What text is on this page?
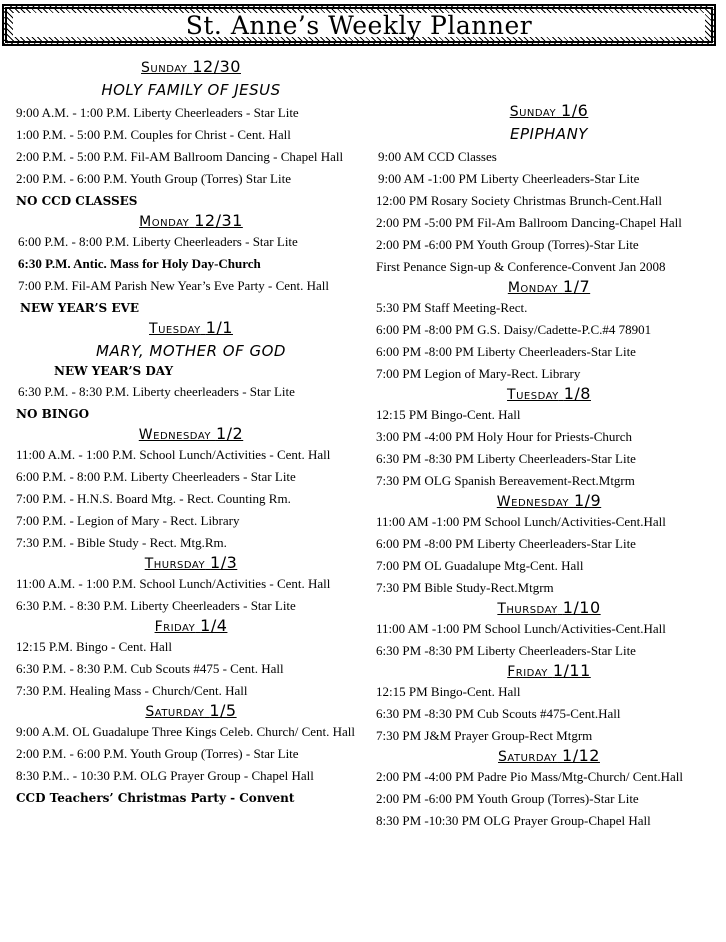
St. Anne’s Weekly Planner
Sunday 12/30
HOLY FAMILY OF JESUS
9:00 A.M. - 1:00 P.M. Liberty Cheerleaders - Star Lite
1:00 P.M. - 5:00 P.M. Couples for Christ - Cent. Hall
2:00 P.M. - 5:00 P.M. Fil-AM Ballroom Dancing - Chapel Hall
2:00 P.M. - 6:00 P.M. Youth Group (Torres) Star Lite
NO CCD CLASSES
Monday 12/31
6:00 P.M. - 8:00 P.M. Liberty Cheerleaders - Star Lite
6:30 P.M. Antic. Mass for Holy Day-Church
7:00 P.M. Fil-AM Parish New Year’s Eve Party - Cent. Hall
NEW YEAR’S EVE
Tuesday 1/1
MARY, MOTHER OF GOD
NEW YEAR’S DAY
6:30 P.M. - 8:30 P.M. Liberty cheerleaders - Star Lite
NO BINGO
Wednesday 1/2
11:00 A.M. - 1:00 P.M. School Lunch/Activities - Cent. Hall
6:00 P.M. - 8:00 P.M. Liberty Cheerleaders - Star Lite
7:00 P.M. - H.N.S. Board Mtg. - Rect. Counting Rm.
7:00 P.M. - Legion of Mary - Rect. Library
7:30 P.M. - Bible Study - Rect. Mtg.Rm.
Thursday 1/3
11:00 A.M. - 1:00 P.M. School Lunch/Activities - Cent. Hall
6:30 P.M. - 8:30 P.M. Liberty Cheerleaders - Star Lite
Friday 1/4
12:15 P.M. Bingo - Cent. Hall
6:30 P.M. - 8:30 P.M. Cub Scouts #475 - Cent. Hall
7:30 P.M. Healing Mass - Church/Cent. Hall
Saturday 1/5
9:00 A.M. OL Guadalupe Three Kings Celeb. Church/ Cent. Hall
2:00 P.M. - 6:00 P.M. Youth Group (Torres) - Star Lite
8:30 P.M.. - 10:30 P.M. OLG Prayer Group - Chapel Hall
CCD Teachers’ Christmas Party - Convent
Sunday 1/6
EPIPHANY
9:00 AM CCD Classes
9:00 AM -1:00 PM Liberty Cheerleaders-Star Lite
12:00 PM Rosary Society Christmas Brunch-Cent.Hall
2:00 PM -5:00 PM Fil-Am Ballroom Dancing-Chapel Hall
2:00 PM -6:00 PM Youth Group (Torres)-Star Lite
First Penance Sign-up & Conference-Convent Jan 2008
Monday 1/7
5:30 PM Staff Meeting-Rect.
6:00 PM -8:00 PM G.S. Daisy/Cadette-P.C.#4 78901
6:00 PM -8:00 PM Liberty Cheerleaders-Star Lite
7:00 PM Legion of Mary-Rect. Library
Tuesday 1/8
12:15 PM Bingo-Cent. Hall
3:00 PM -4:00 PM Holy Hour for Priests-Church
6:30 PM -8:30 PM Liberty Cheerleaders-Star Lite
7:30 PM OLG Spanish Bereavement-Rect.Mtgrm
Wednesday 1/9
11:00 AM -1:00 PM School Lunch/Activities-Cent.Hall
6:00 PM -8:00 PM Liberty Cheerleaders-Star Lite
7:00 PM OL Guadalupe Mtg-Cent. Hall
7:30 PM Bible Study-Rect.Mtgrm
Thursday 1/10
11:00 AM -1:00 PM School Lunch/Activities-Cent.Hall
6:30 PM -8:30 PM Liberty Cheerleaders-Star Lite
Friday 1/11
12:15 PM Bingo-Cent. Hall
6:30 PM -8:30 PM Cub Scouts #475-Cent.Hall
7:30 PM J&M Prayer Group-Rect Mtgrm
Saturday 1/12
2:00 PM -4:00 PM Padre Pio Mass/Mtg-Church/ Cent.Hall
2:00 PM -6:00 PM Youth Group (Torres)-Star Lite
8:30 PM -10:30 PM OLG Prayer Group-Chapel Hall
